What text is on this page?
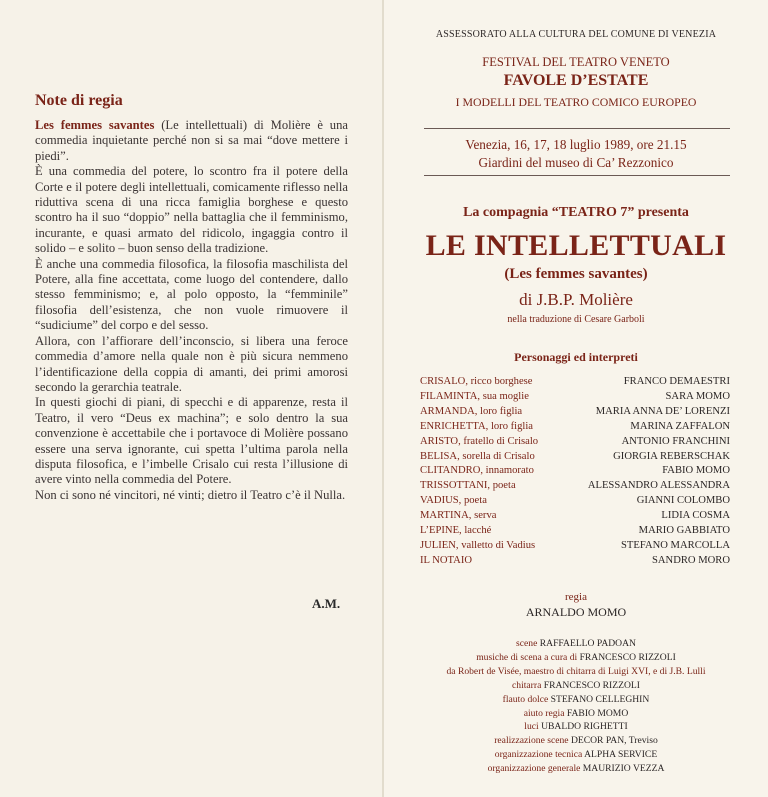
Note di regia

Les femmes savantes (Le intellettuali) di Molière è una commedia inquietante perché non si sa mai “dove mettere i piedi”.

È una commedia del potere, lo scontro fra il potere della Corte e il potere degli intellettuali, comicamente riflesso nella riduttiva scena di una ricca famiglia borghese e questo scontro ha il suo “doppio” nella battaglia che il femminismo, incurante, e quasi armato del ridicolo, ingaggia contro il solido – e solito – buon senso della tradizione.

È anche una commedia filosofica, la filosofia maschilista del Potere, alla fine accettata, come luogo del contendere, dallo stesso femminismo; e, al polo opposto, la “femminile” filosofia dell’esistenza, che non vuole rimuovere il “sudiciume” del corpo e del sesso.

Allora, con l’affiorare dell’inconscio, si libera una feroce commedia d’amore nella quale non è più sicura nemmeno l’identificazione della coppia di amanti, dei primi amorosi secondo la gerarchia teatrale.

In questi giochi di piani, di specchi e di apparenze, resta il Teatro, il vero “Deus ex machina”; e solo dentro la sua convenzione è accettabile che i portavoce di Molière possano essere una serva ignorante, cui spetta l’ultima parola nella disputa filosofica, e l’imbelle Crisalo cui resta l’illusione di avere vinto nella commedia del Potere.

Non ci sono né vincitori, né vinti; dietro il Teatro c’è il Nulla.

A.M.
ASSESSORATO ALLA CULTURA DEL COMUNE DI VENEZIA
FESTIVAL DEL TEATRO VENETO
FAVOLE D’ESTATE
I MODELLI DEL TEATRO COMICO EUROPEO
Venezia, 16, 17, 18 luglio 1989, ore 21.15
Giardini del museo di Ca’ Rezzonico
La compagnia “TEATRO 7” presenta
LE INTELLETTUALI
(Les femmes savantes)
di J.B.P. Molière
nella traduzione di Cesare Garboli
Personaggi ed interpreti
CRISALO, ricco borghese	FRANCO DEMAESTRI
FILAMINTA, sua moglie	SARA MOMO
ARMANDA, loro figlia	MARIA ANNA DE’ LORENZI
ENRICHETTA, loro figlia	MARINA ZAFFALON
ARISTO, fratello di Crisalo	ANTONIO FRANCHINI
BELISA, sorella di Crisalo	GIORGIA REBERSCHAK
CLITANDRO, innamorato	FABIO MOMO
TRISSOTTANI, poeta	ALESSANDRO ALESSANDRA
VADIUS, poeta	GIANNI COLOMBO
MARTINA, serva	LIDIA COSMA
L’EPINE, lacché	MARIO GABBIATO
JULIEN, valletto di Vadius	STEFANO MARCOLLA
IL NOTAIO	SANDRO MORO
regia
ARNALDO MOMO
scene RAFFAELLO PADOAN
musiche di scena a cura di FRANCESCO RIZZOLI
da Robert de Visée, maestro di chitarra di Luigi XVI, e di J.B. Lulli
chitarra FRANCESCO RIZZOLI
flauto dolce STEFANO CELLEGHIN
aiuto regia FABIO MOMO
luci UBALDO RIGHETTI
realizzazione scene DECOR PAN, Treviso
organizzazione tecnica ALPHA SERVICE
organizzazione generale MAURIZIO VEZZA
